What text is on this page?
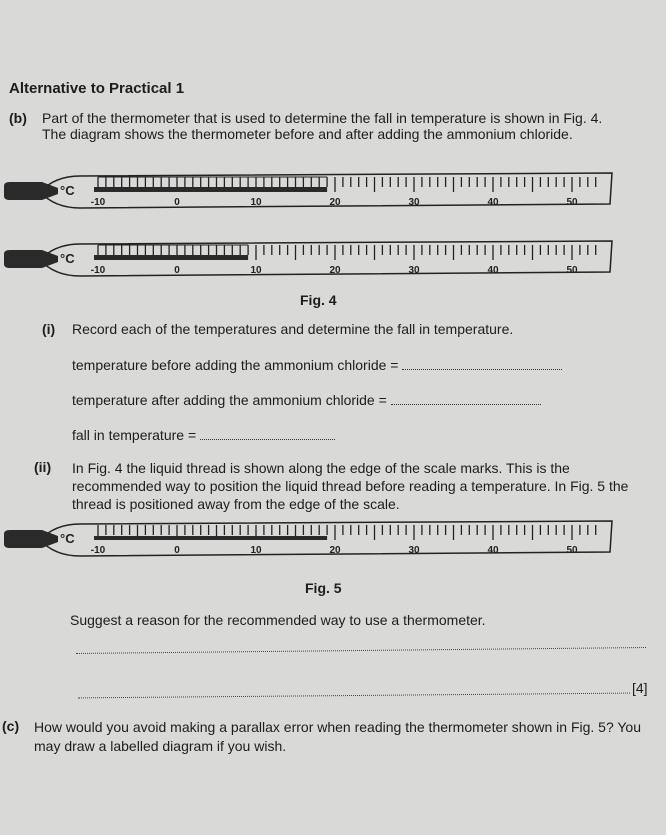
Alternative to Practical 1
(b) Part of the thermometer that is used to determine the fall in temperature is shown in Fig. 4. The diagram shows the thermometer before and after adding the ammonium chloride.
°C
-10	0	10	20	30	40	50
°C
-10	0	10	20	30	40	50
Fig. 4
(i) Record each of the temperatures and determine the fall in temperature.
temperature before adding the ammonium chloride =
temperature after adding the ammonium chloride =
fall in temperature =
(ii) In Fig. 4 the liquid thread is shown along the edge of the scale marks. This is the recommended way to position the liquid thread before reading a temperature. In Fig. 5 the thread is positioned away from the edge of the scale.
°C
-10	0	10	20	30	40	50
Fig. 5
Suggest a reason for the recommended way to use a thermometer.
[4]
(c) How would you avoid making a parallax error when reading the thermometer shown in Fig. 5? You may draw a labelled diagram if you wish.
